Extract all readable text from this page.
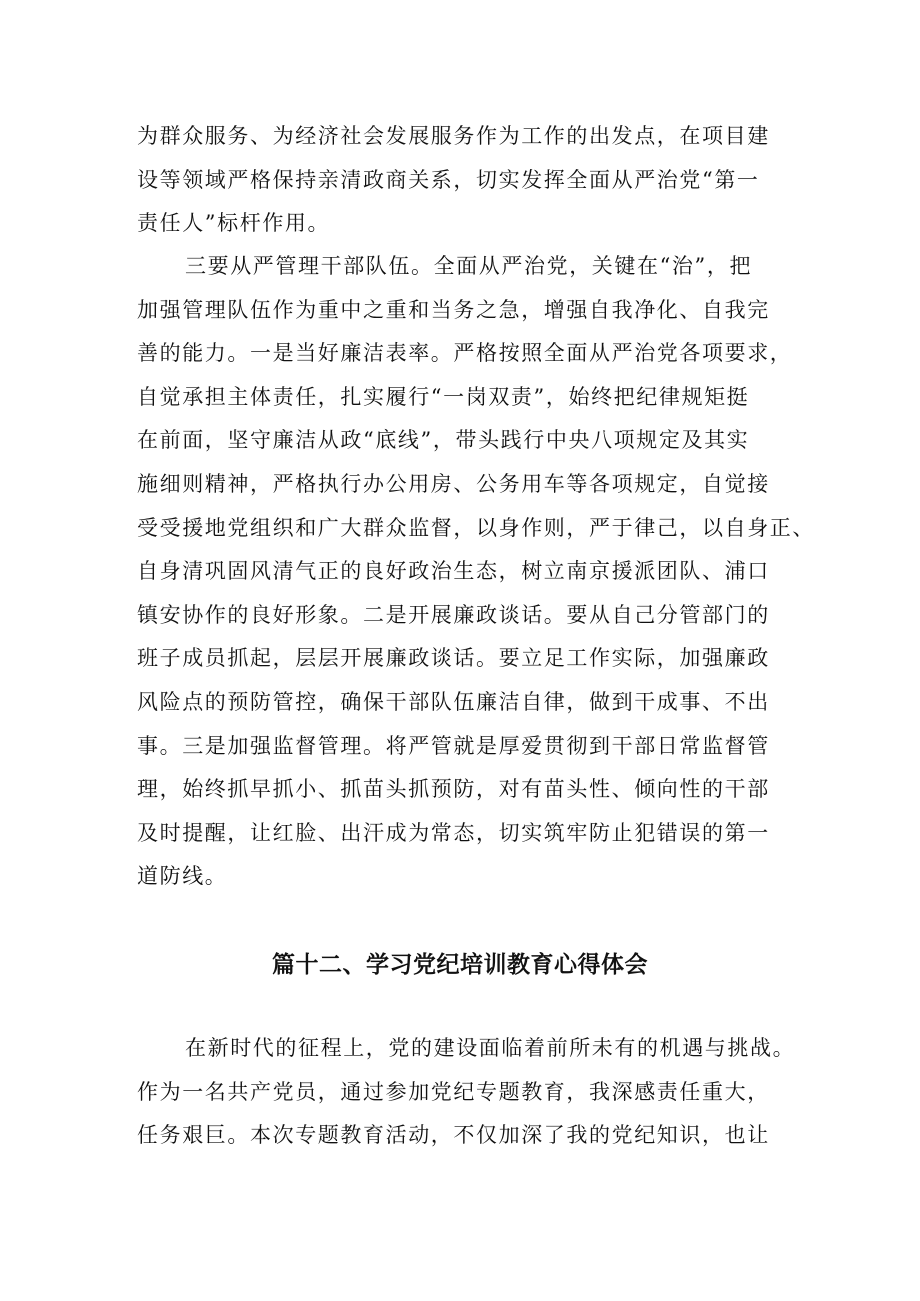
为群众服务、为经济社会发展服务作为工作的出发点，在项目建
设等领域严格保持亲清政商关系，切实发挥全面从严治党“第一
责任人”标杆作用。
三要从严管理干部队伍。全面从严治党，关键在“治”，把
加强管理队伍作为重中之重和当务之急，增强自我净化、自我完
善的能力。一是当好廉洁表率。严格按照全面从严治党各项要求，
自觉承担主体责任，扎实履行“一岗双责”，始终把纪律规矩挺
在前面，坚守廉洁从政“底线”，带头践行中央八项规定及其实
施细则精神，严格执行办公用房、公务用车等各项规定，自觉接
受受援地党组织和广大群众监督，以身作则，严于律己，以自身正、
自身清巩固风清气正的良好政治生态，树立南京援派团队、浦口
镇安协作的良好形象。二是开展廉政谈话。要从自己分管部门的
班子成员抓起，层层开展廉政谈话。要立足工作实际，加强廉政
风险点的预防管控，确保干部队伍廉洁自律，做到干成事、不出
事。三是加强监督管理。将严管就是厚爱贯彻到干部日常监督管
理，始终抓早抓小、抓苗头抓预防，对有苗头性、倾向性的干部
及时提醒，让红脸、出汗成为常态，切实筑牢防止犯错误的第一
道防线。
篇十二、学习党纪培训教育心得体会
在新时代的征程上，党的建设面临着前所未有的机遇与挑战。
作为一名共产党员，通过参加党纪专题教育，我深感责任重大，
任务艰巨。本次专题教育活动，不仅加深了我的党纪知识，也让
